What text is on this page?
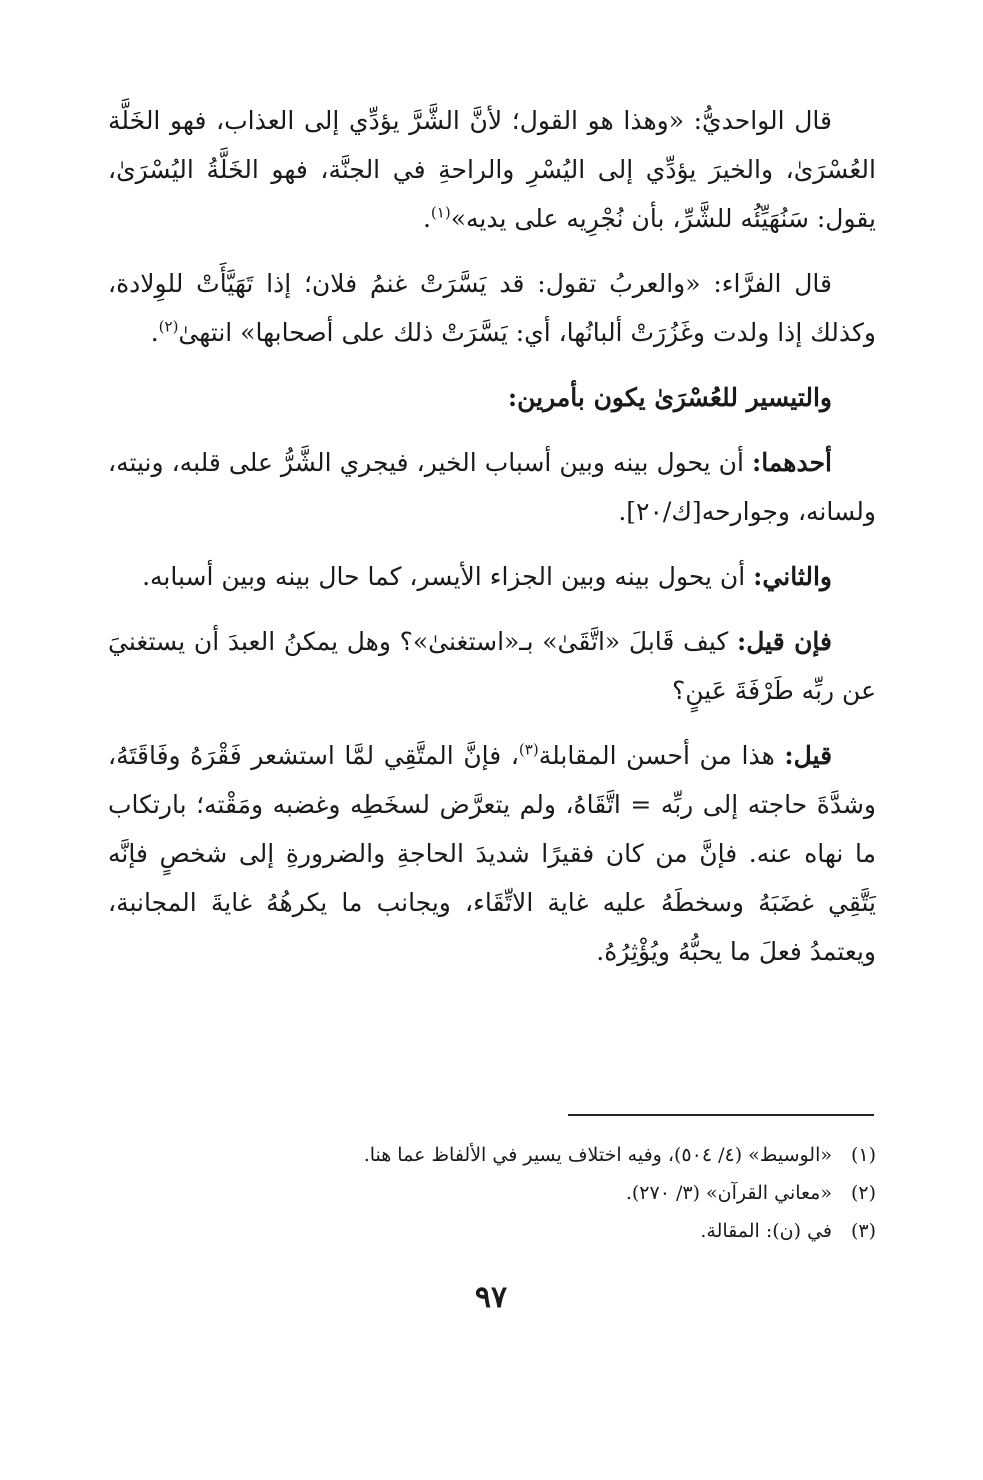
قال الواحديُّ: «وهذا هو القول؛ لأنَّ الشَّرَّ يؤدِّي إلى العذاب، فهو الخَلَّة العُسْرَىٰ، والخيرَ يؤدِّي إلى اليُسْرِ والراحةِ في الجنَّة، فهو الخَلَّةُ اليُسْرَىٰ، يقول: سَنُهَيِّئُه للشَّرِّ، بأن نُجْرِيه على يديه»$^{(١)}$.

قال الفرَّاء: «والعربُ تقول: قد يَسَّرَتْ غنمُ فلان؛ إذا تَهَيَّأَتْ للوِلادة، وكذلك إذا ولدت وغَزُرَتْ ألبانُها، أي: يَسَّرَتْ ذلك على أصحابها» انتهىٰ$^{(٢)}$.

والتيسير للعُسْرَىٰ يكون بأمرين:

أحدهما: أن يحول بينه وبين أسباب الخير، فيجري الشَّرُّ على قلبه، ونيته، ولسانه، وجوارحه[ك/٢٠].

والثاني: أن يحول بينه وبين الجزاء الأيسر، كما حال بينه وبين أسبابه.

فإن قيل: كيف قَابلَ «اتَّقَىٰ» بـ«استغنىٰ»؟ وهل يمكنُ العبدَ أن يستغنيَ عن ربِّه طَرْفَةَ عَينٍ؟

قيل: هذا من أحسن المقابلة$^{(٣)}$، فإنَّ المتَّقِي لمَّا استشعر فَقْرَهُ وفَاقَتَهُ، وشدَّةَ حاجته إلى ربِّه = اتَّقَاهُ، ولم يتعرَّض لسخَطِه وغضبه ومَقْته؛ بارتكاب ما نهاه عنه. فإنَّ من كان فقيرًا شديدَ الحاجةِ والضرورةِ إلى شخصٍ فإنَّه يَتَّقِي غضَبَهُ وسخطَهُ عليه غاية الاتِّقَاء، ويجانب ما يكرهُهُ غايةَ المجانبة، ويعتمدُ فعلَ ما يحبُّهُ ويُؤْثِرُهُ.

(١)
«الوسيط» (٤/ ٥٠٤)، وفيه اختلاف يسير في الألفاظ عما هنا.
(٢)
«معاني القرآن» (٣/ ٢٧٠).
(٣)
في (ن): المقالة.
٩٧
